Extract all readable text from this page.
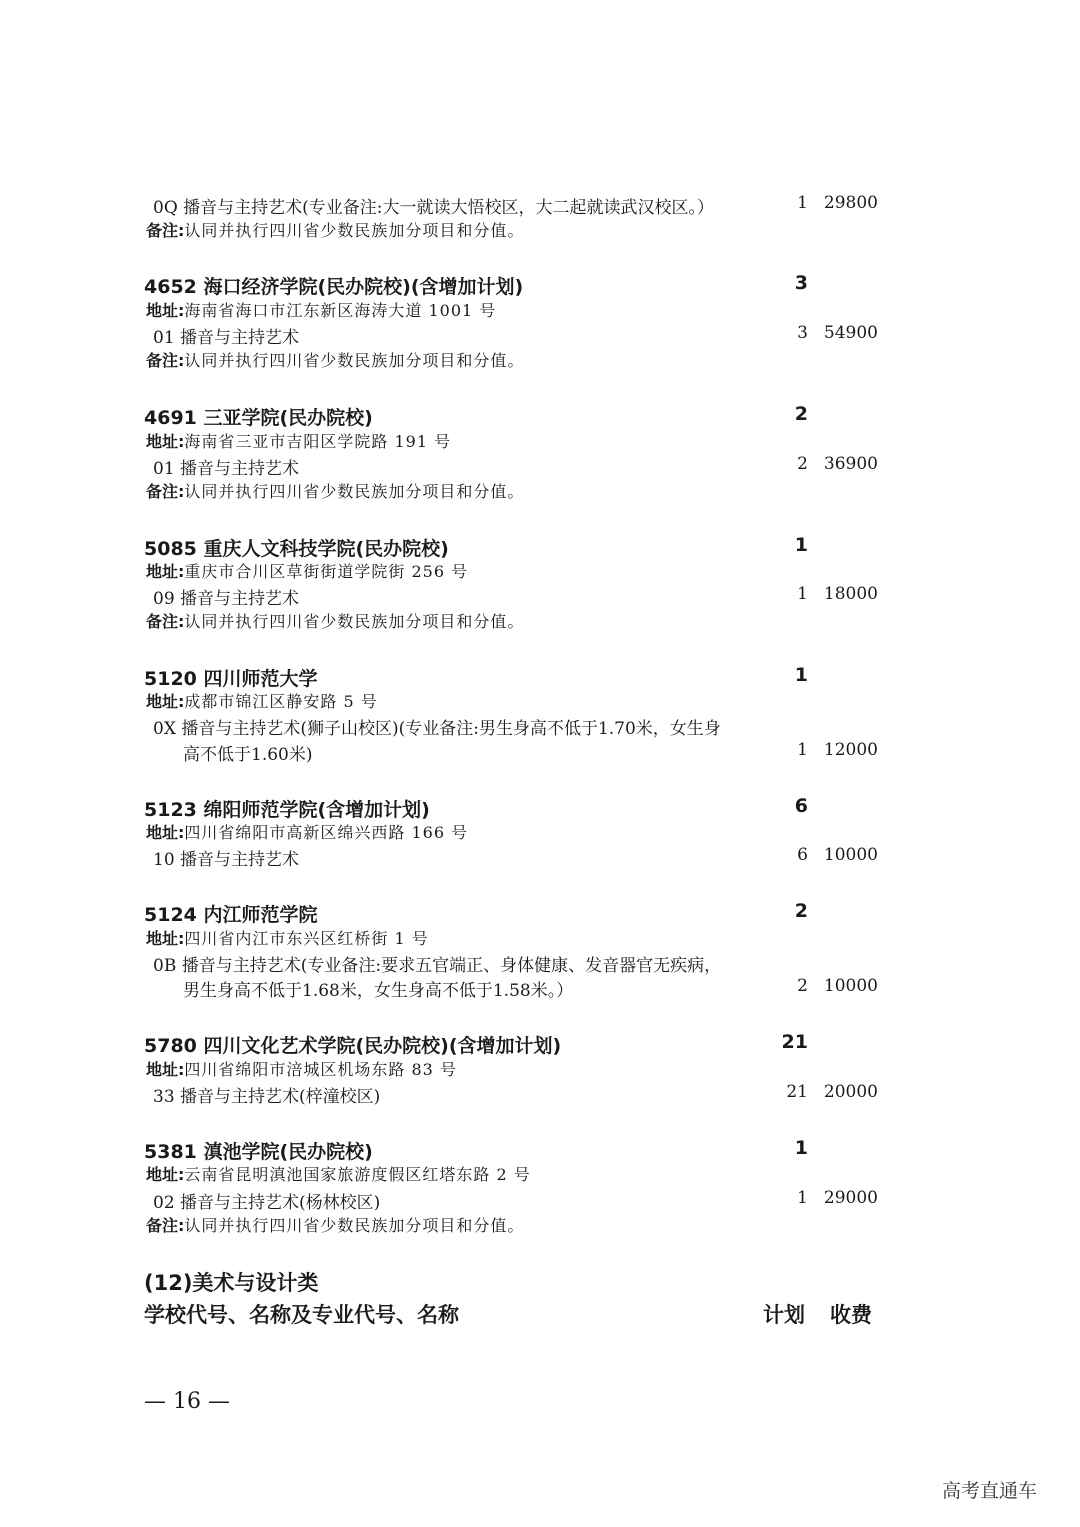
0Q 播音与主持艺术(专业备注:大一就读大悟校区，大二起就读武汉校区。）	1 29800
备注:认同并执行四川省少数民族加分项目和分值。
4652 海口经济学院(民办院校)(含增加计划)	3
地址:海南省海口市江东新区海涛大道 1001 号
01 播音与主持艺术	3 54900
备注:认同并执行四川省少数民族加分项目和分值。
4691 三亚学院(民办院校)	2
地址:海南省三亚市吉阳区学院路 191 号
01 播音与主持艺术	2 36900
备注:认同并执行四川省少数民族加分项目和分值。
5085 重庆人文科技学院(民办院校)	1
地址:重庆市合川区草街街道学院街 256 号
09 播音与主持艺术	1 18000
备注:认同并执行四川省少数民族加分项目和分值。
5120 四川师范大学	1
地址:成都市锦江区静安路 5 号
0X 播音与主持艺术(狮子山校区)(专业备注:男生身高不低于1.70米，女生身
高不低于1.60米)	1 12000
5123 绵阳师范学院(含增加计划)	6
地址:四川省绵阳市高新区绵兴西路 166 号
10 播音与主持艺术	6 10000
5124 内江师范学院	2
地址:四川省内江市东兴区红桥街 1 号
0B 播音与主持艺术(专业备注:要求五官端正、身体健康、发音器官无疾病，
男生身高不低于1.68米，女生身高不低于1.58米。）	2 10000
5780 四川文化艺术学院(民办院校)(含增加计划)	21
地址:四川省绵阳市涪城区机场东路 83 号
33 播音与主持艺术(梓潼校区)	21 20000
5381 滇池学院(民办院校)	1
地址:云南省昆明滇池国家旅游度假区红塔东路 2 号
02 播音与主持艺术(杨林校区)	1 29000
备注:认同并执行四川省少数民族加分项目和分值。
(12)美术与设计类
学校代号、名称及专业代号、名称	计划 收费
— 16 —
高考直通车
